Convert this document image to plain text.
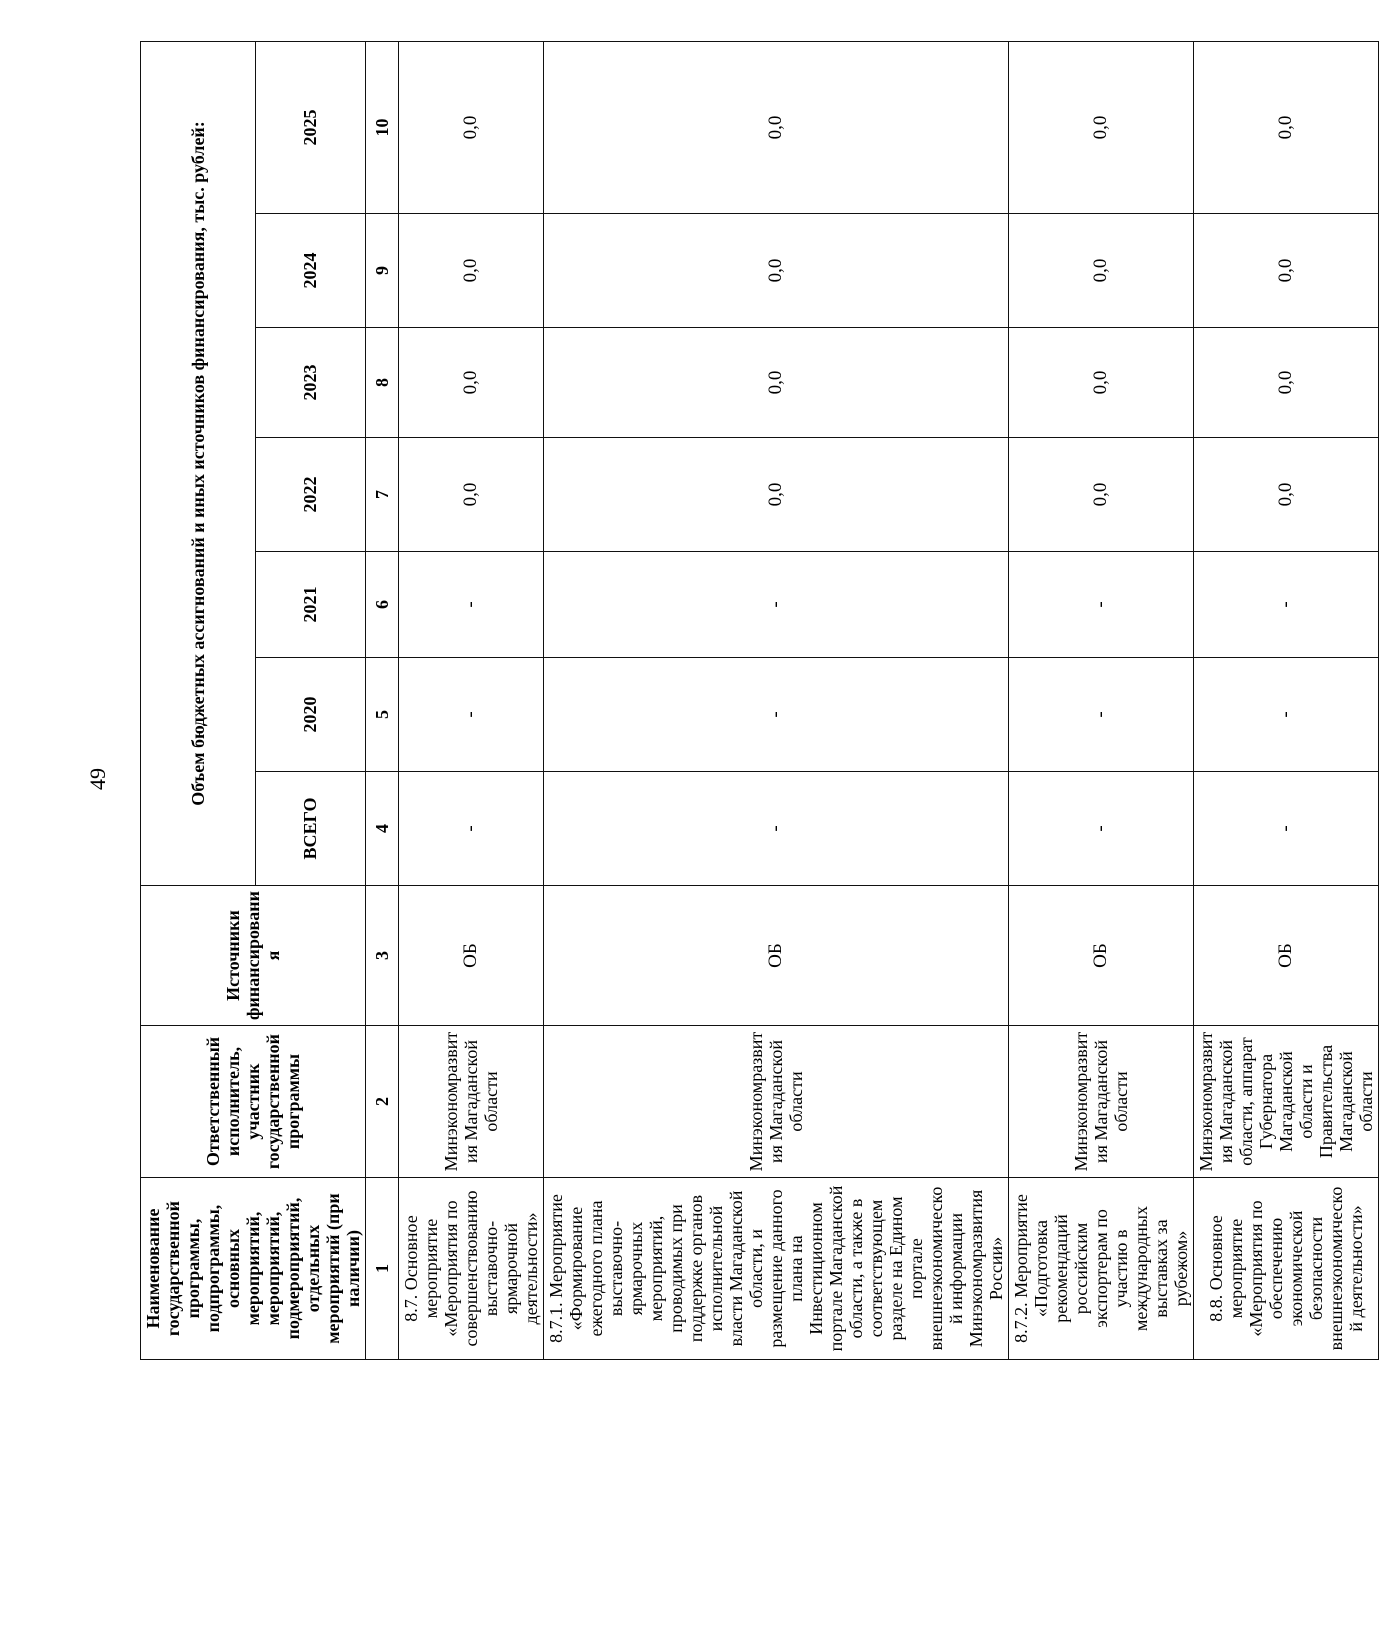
49
Наименование государственной программы, подпрограммы, основных мероприятий, мероприятий, подмероприятий, отдельных мероприятий (при наличии)	Ответственный исполнитель, участник государственной программы	Источники финансирования	Объем бюджетных ассигнований и иных источников финансирования, тыс. рублей:						
			ВСЕГО	2020	2021	2022	2023	2024	2025
1	2	3	4	5	6	7	8	9	10
8.7. Основное мероприятие «Мероприятия по совершенствованию выставочно-ярмарочной деятельности»	Минэкономразвития Магаданской области	ОБ	-	-	-	0,0	0,0	0,0	0,0
8.7.1. Мероприятие «Формирование ежегодного плана выставочно-ярмарочных мероприятий, проводимых при поддержке органов исполнительной власти Магаданской области, и размещение данного плана на Инвестиционном портале Магаданской области, а также в соответствующем разделе на Едином портале внешнеэкономической информации Минэкономразвития России»	Минэкономразвития Магаданской области	ОБ	-	-	-	0,0	0,0	0,0	0,0
8.7.2. Мероприятие «Подготовка рекомендаций российским экспортерам по участию в международных выставках за рубежом»	Минэкономразвития Магаданской области	ОБ	-	-	-	0,0	0,0	0,0	0,0
8.8. Основное мероприятие «Мероприятия по обеспечению экономической безопасности внешнеэкономической деятельности»	Минэкономразвития Магаданской области, аппарат Губернатора Магаданской области и Правительства Магаданской области	ОБ	-	-	-	0,0	0,0	0,0	0,0
